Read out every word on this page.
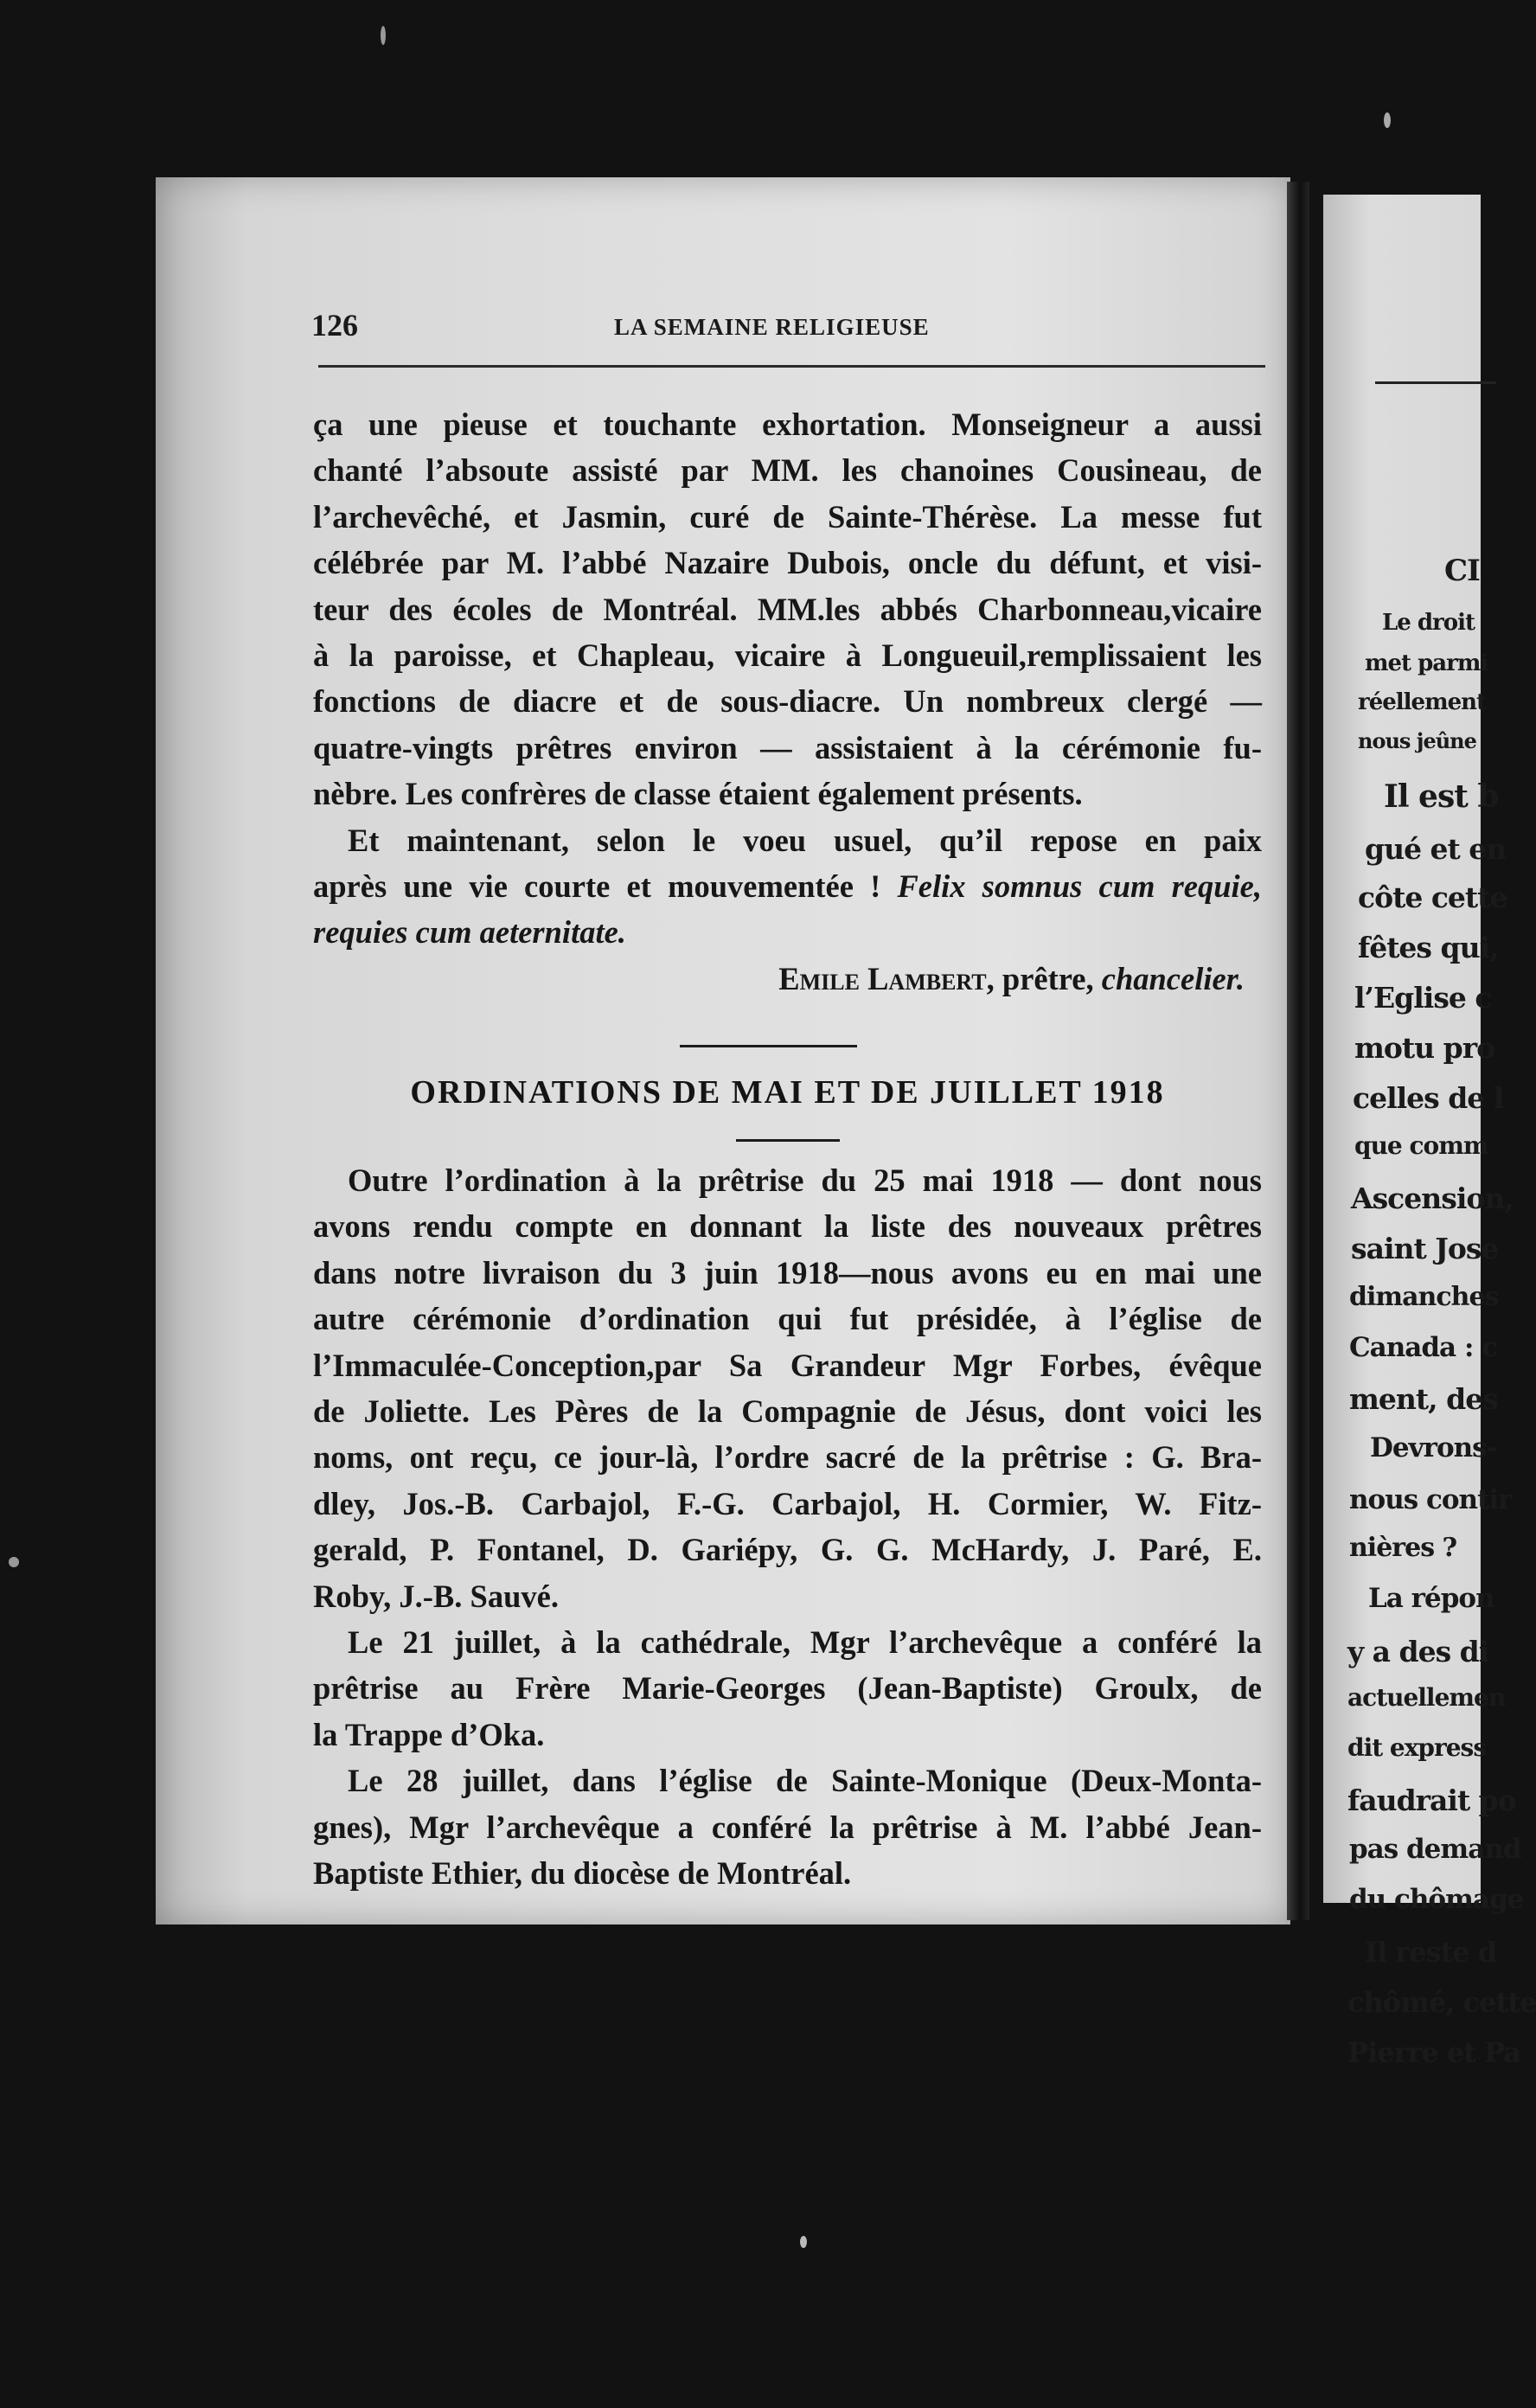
CI
Le droit
met parmi
réellement
nous jeûne
Il est b
gué et en
côte cette
fêtes qui,
l’Eglise c
motu pro
celles de l
que comm
Ascension,
saint Jose
dimanches
Canada : c
ment, des
Devrons-
nous contir
nières ?
La répon
y a des di
actuellemen
dit express
faudrait po
pas demand
du chômage
Il reste d
chômé, cette
Pierre et Pa
126	LA SEMAINE RELIGIEUSE
ça une pieuse et touchante exhortation. Monseigneur a aussi
chanté l’absoute assisté par MM. les chanoines Cousineau, de
l’archevêché, et Jasmin, curé de Sainte-Thérèse. La messe fut
célébrée par M. l’abbé Nazaire Dubois, oncle du défunt, et visi-
teur des écoles de Montréal. MM.les abbés Charbonneau,vicaire
à la paroisse, et Chapleau, vicaire à Longueuil,remplissaient les
fonctions de diacre et de sous-diacre. Un nombreux clergé —
quatre-vingts prêtres environ — assistaient à la cérémonie fu-
nèbre. Les confrères de classe étaient également présents.
Et maintenant, selon le voeu usuel, qu’il repose en paix
après une vie courte et mouvementée ! Felix somnus cum requie,
requies cum aeternitate.
Emile Lambert, prêtre, chancelier.
ORDINATIONS DE MAI ET DE JUILLET 1918
Outre l’ordination à la prêtrise du 25 mai 1918 — dont nous
avons rendu compte en donnant la liste des nouveaux prêtres
dans notre livraison du 3 juin 1918—nous avons eu en mai une
autre cérémonie d’ordination qui fut présidée, à l’église de
l’Immaculée-Conception,par Sa Grandeur Mgr Forbes, évêque
de Joliette. Les Pères de la Compagnie de Jésus, dont voici les
noms, ont reçu, ce jour-là, l’ordre sacré de la prêtrise : G. Bra-
dley, Jos.-B. Carbajol, F.-G. Carbajol, H. Cormier, W. Fitz-
gerald, P. Fontanel, D. Gariépy, G. G. McHardy, J. Paré, E.
Roby, J.-B. Sauvé.
Le 21 juillet, à la cathédrale, Mgr l’archevêque a conféré la
prêtrise au Frère Marie-Georges (Jean-Baptiste) Groulx, de
la Trappe d’Oka.
Le 28 juillet, dans l’église de Sainte-Monique (Deux-Monta-
gnes), Mgr l’archevêque a conféré la prêtrise à M. l’abbé Jean-
Baptiste Ethier, du diocèse de Montréal.
